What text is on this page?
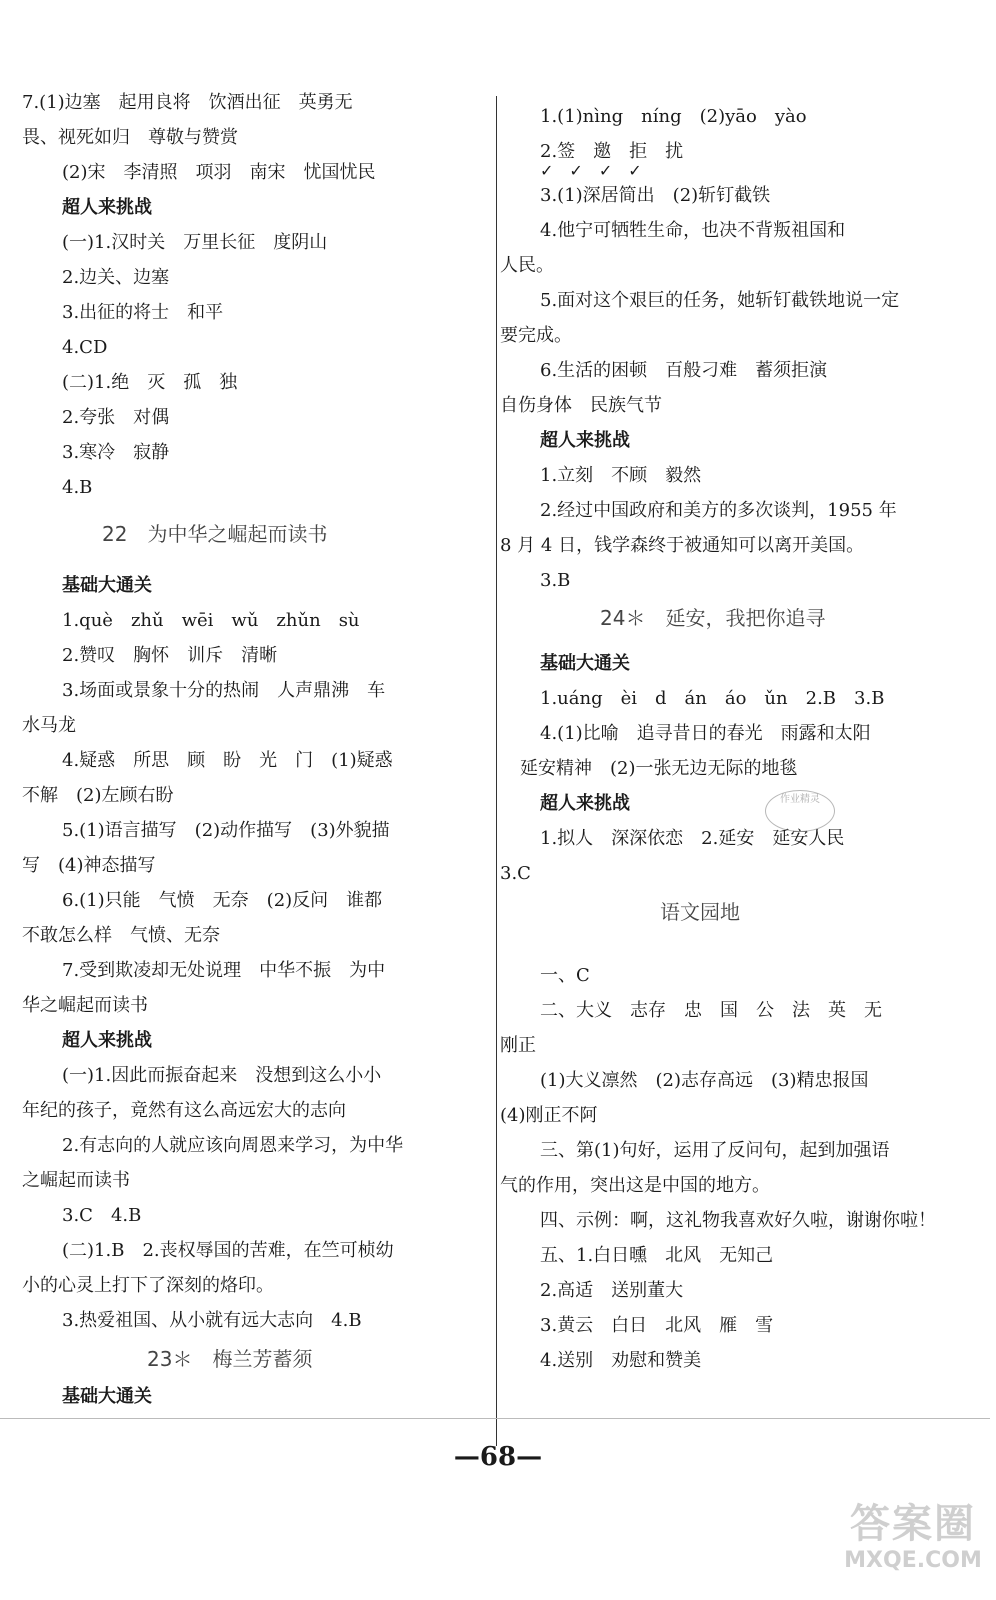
7.(1)边塞　起用良将　饮酒出征　英勇无
畏、视死如归　尊敬与赞赏
(2)宋　李清照　项羽　南宋　忧国忧民
超人来挑战
(一)1.汉时关　万里长征　度阴山
2.边关、边塞
3.出征的将士　和平
4.CD
(二)1.绝　灭　孤　独
2.夸张　对偶
3.寒冷　寂静
4.B
22　为中华之崛起而读书
基础大通关
1.què　zhǔ　wēi　wǔ　zhǔn　sù
2.赞叹　胸怀　训斥　清晰
3.场面或景象十分的热闹　人声鼎沸　车
水马龙
4.疑惑　所思　顾　盼　光　门　(1)疑惑
不解　(2)左顾右盼
5.(1)语言描写　(2)动作描写　(3)外貌描
写　(4)神态描写
6.(1)只能　气愤　无奈　(2)反问　谁都
不敢怎么样　气愤、无奈
7.受到欺凌却无处说理　中华不振　为中
华之崛起而读书
超人来挑战
(一)1.因此而振奋起来　没想到这么小小
年纪的孩子，竟然有这么高远宏大的志向
2.有志向的人就应该向周恩来学习，为中华
之崛起而读书
3.C　4.B
(二)1.B　2.丧权辱国的苦难，在竺可桢幼
小的心灵上打下了深刻的烙印。
3.热爱祖国、从小就有远大志向　4.B
23＊　梅兰芳蓄须
基础大通关
1.(1)nìng　níng　(2)yāo　yào
2.签　邀　拒　扰
✓　✓　✓　✓
3.(1)深居简出　(2)斩钉截铁
4.他宁可牺牲生命，也决不背叛祖国和
人民。
5.面对这个艰巨的任务，她斩钉截铁地说一定
要完成。
6.生活的困顿　百般刁难　蓄须拒演
自伤身体　民族气节
超人来挑战
1.立刻　不顾　毅然
2.经过中国政府和美方的多次谈判，1955 年
8 月 4 日，钱学森终于被通知可以离开美国。
3.B
24＊　延安，我把你追寻
基础大通关
1.uáng　èi　d　án　áo　ǔn　2.B　3.B
4.(1)比喻　追寻昔日的春光　雨露和太阳
延安精神　(2)一张无边无际的地毯
超人来挑战
1.拟人　深深依恋　2.延安　延安人民
3.C
语文园地
一、C
二、大义　志存　忠　国　公　法　英　无
刚正
(1)大义凛然　(2)志存高远　(3)精忠报国
(4)刚正不阿
三、第(1)句好，运用了反问句，起到加强语
气的作用，突出这是中国的地方。
四、示例：啊，这礼物我喜欢好久啦，谢谢你啦！
五、1.白日曛　北风　无知己
2.高适　送别董大
3.黄云　白日　北风　雁　雪
4.送别　劝慰和赞美
作业精灵
—68—
答案圈
MXQE.COM
